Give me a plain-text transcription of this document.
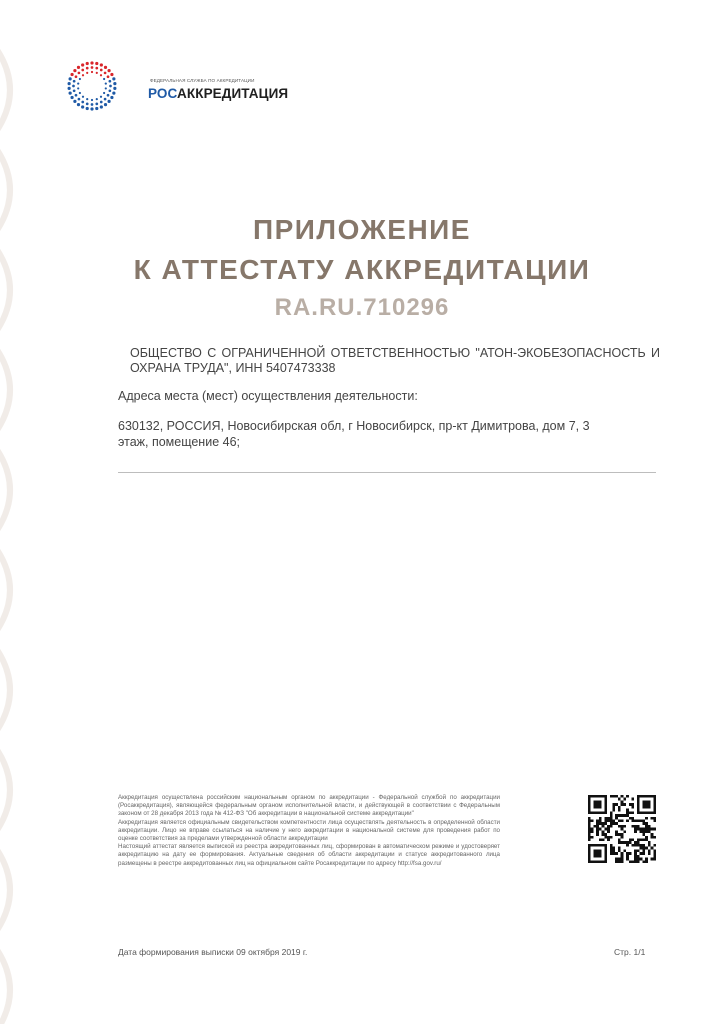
ФЕДЕРАЛЬНАЯ СЛУЖБА ПО АККРЕДИТАЦИИ
РОСАККРЕДИТАЦИЯ
ПРИЛОЖЕНИЕ
К АТТЕСТАТУ АККРЕДИТАЦИИ
RA.RU.710296
ОБЩЕСТВО С ОГРАНИЧЕННОЙ ОТВЕТСТВЕННОСТЬЮ "АТОН-ЭКОБЕЗОПАСНОСТЬ И ОХРАНА ТРУДА", ИНН 5407473338
Адреса места (мест) осуществления деятельности:
630132, РОССИЯ, Новосибирская обл, г Новосибирск, пр-кт Димитрова, дом 7, 3 этаж, помещение 46;

Аккредитация осуществлена российским национальным органом по аккредитации - Федеральной службой по аккредитации (Росаккредитация), являющейся федеральным органом исполнительной власти, и действующей в соответствии с Федеральным законом от 28 декабря 2013 года № 412-ФЗ "Об аккредитации в национальной системе аккредитации"

Аккредитация является официальным свидетельством компетентности лица осуществлять деятельность в определенной области аккредитации. Лицо не вправе ссылаться на наличие у него аккредитации в национальной системе для проведения работ по оценке соответствия за пределами утвержденной области аккредитации

Настоящий аттестат является выпиской из реестра аккредитованных лиц, сформирован в автоматическом режиме и удостоверяет аккредитацию на дату ее формирования. Актуальные сведения об области аккредитации и статусе аккредитованного лица размещены в реестре аккредитованных лиц на официальном сайте Росаккредитации по адресу http://fsa.gov.ru/

Дата формирования выписки 09 октября 2019 г.	Стр. 1/1
